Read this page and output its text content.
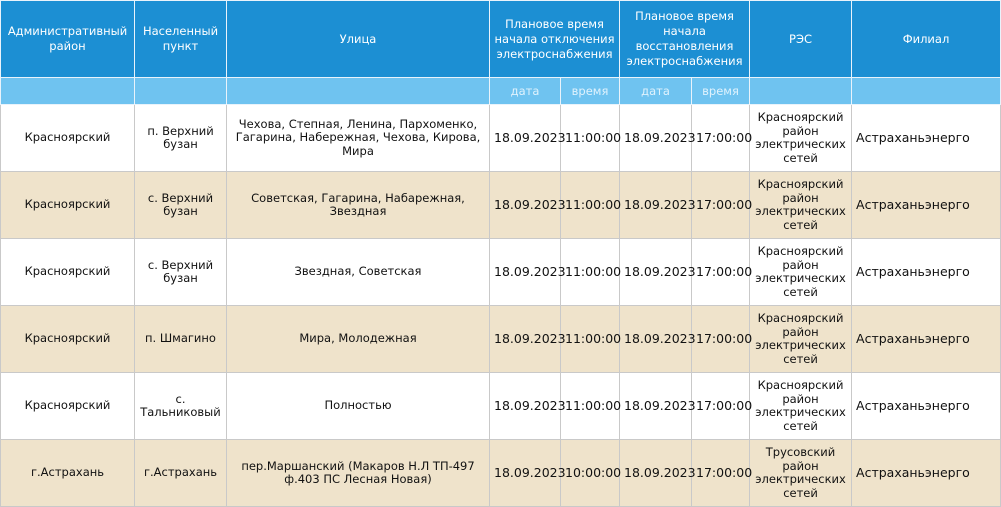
Административный район	Населенный пункт	Улица	Плановое время начала отключения электроснабжения		Плановое время начала восстановления электроснабжения		РЭС	Филиал
			дата	время	дата	время		
Красноярский	п. Верхний бузан	Чехова, Степная, Ленина, Пархоменко, Гагарина, Набережная, Чехова, Кирова, Мира	18.09.2023	11:00:00	18.09.2023	17:00:00	Красноярский район электрических сетей	Астраханьэнерго
Красноярский	с. Верхний бузан	Советская, Гагарина, Набарежная, Звездная	18.09.2023	11:00:00	18.09.2023	17:00:00	Красноярский район электрических сетей	Астраханьэнерго
Красноярский	с. Верхний бузан	Звездная, Советская	18.09.2023	11:00:00	18.09.2023	17:00:00	Красноярский район электрических сетей	Астраханьэнерго
Красноярский	п. Шмагино	Мира, Молодежная	18.09.2023	11:00:00	18.09.2023	17:00:00	Красноярский район электрических сетей	Астраханьэнерго
Красноярский	с. Тальниковый	Полностью	18.09.2023	11:00:00	18.09.2023	17:00:00	Красноярский район электрических сетей	Астраханьэнерго
г.Астрахань	г.Астрахань	пер.Маршанский (Макаров Н.Л ТП-497 ф.403 ПС Лесная Новая)	18.09.2023	10:00:00	18.09.2023	17:00:00	Трусовский район электрических сетей	Астраханьэнерго
